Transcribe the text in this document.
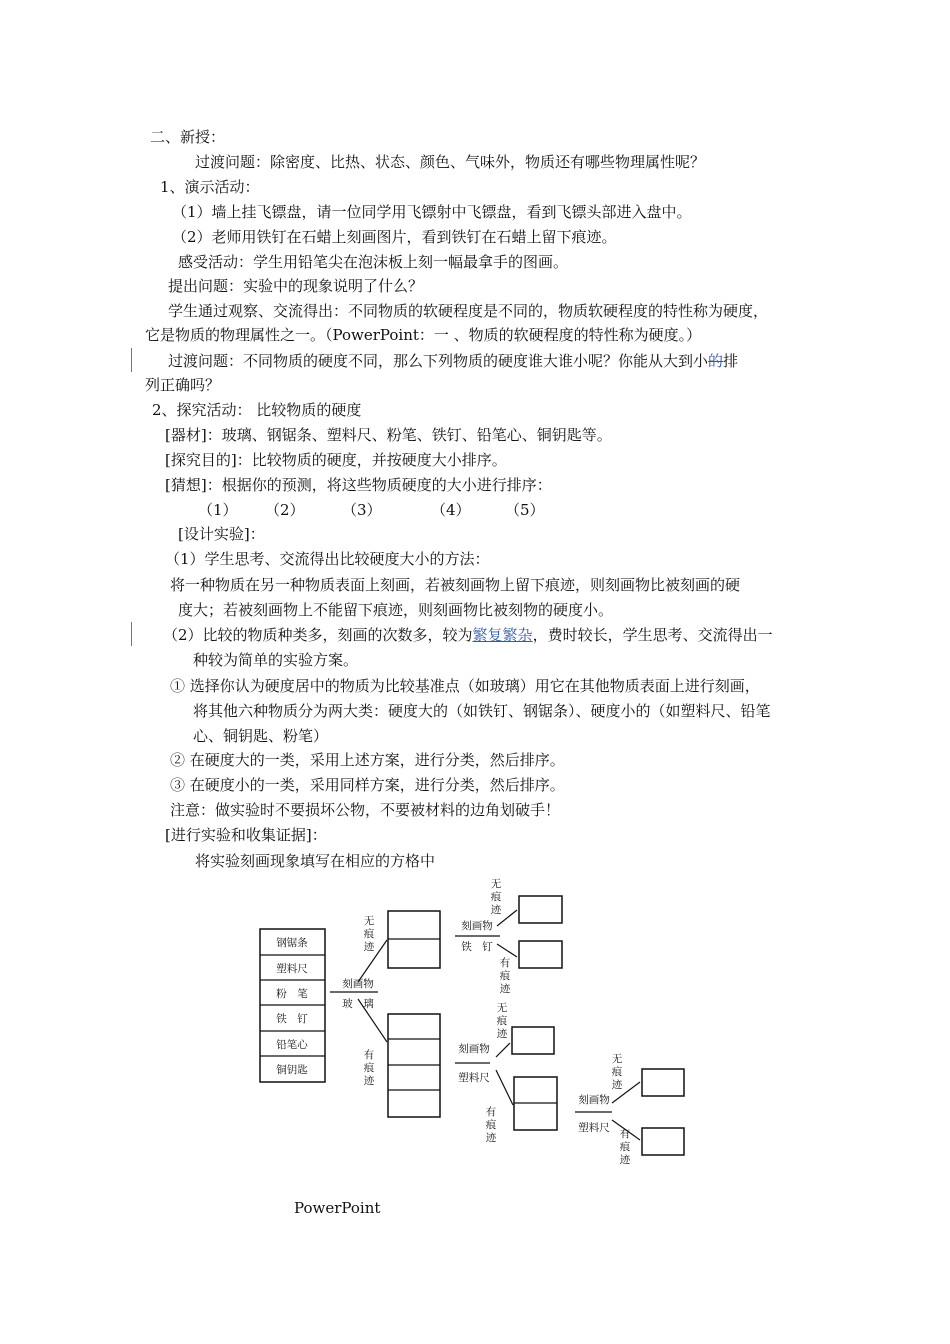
二、新授：
过渡问题：除密度、比热、状态、颜色、气味外，物质还有哪些物理属性呢？
1、演示活动：
（1）墙上挂飞镖盘，请一位同学用飞镖射中飞镖盘，看到飞镖头部进入盘中。
（2）老师用铁钉在石蜡上刻画图片，看到铁钉在石蜡上留下痕迹。
感受活动：学生用铅笔尖在泡沫板上刻一幅最拿手的图画。
提出问题：实验中的现象说明了什么？
学生通过观察、交流得出：不同物质的软硬程度是不同的，物质软硬程度的特性称为硬度，
它是物质的物理属性之一。（PowerPoint：一 、物质的软硬程度的特性称为硬度。）
过渡问题：不同物质的硬度不同，那么下列物质的硬度谁大谁小呢？你能从大到小的排
列正确吗？
2、探究活动： 比较物质的硬度
[器材]：玻璃、钢锯条、塑料尺、粉笔、铁钉、铅笔心、铜钥匙等。
[探究目的]：比较物质的硬度，并按硬度大小排序。
[猜想]：根据你的预测，将这些物质硬度的大小进行排序：
（1） （2） （3）	（4） （5）
[设计实验]：
（1）学生思考、交流得出比较硬度大小的方法：
将一种物质在另一种物质表面上刻画，若被刻画物上留下痕迹，则刻画物比被刻画的硬
度大；若被刻画物上不能留下痕迹，则刻画物比被刻物的硬度小。
（2）比较的物质种类多，刻画的次数多，较为繁复繁杂，费时较长，学生思考、交流得出一
种较为简单的实验方案。
① 选择你认为硬度居中的物质为比较基准点（如玻璃）用它在其他物质表面上进行刻画，
将其他六种物质分为两大类：硬度大的（如铁钉、钢锯条）、硬度小的（如塑料尺、铅笔
心、铜钥匙、粉笔）
② 在硬度大的一类，采用上述方案，进行分类，然后排序。
③ 在硬度小的一类，采用同样方案，进行分类，然后排序。
注意：做实验时不要损坏公物，不要被材料的边角划破手！
[进行实验和收集证据]：
将实验刻画现象填写在相应的方格中
钢锯条
塑料尺
粉　笔
铁　钉
铅笔心
铜钥匙
刻画物
玻　璃
无
痕
迹
有
痕
迹
刻画物
铁　钉
无
痕
迹
有
痕
迹
刻画物
塑料尺
无
痕
迹
有
痕
迹
刻画物
塑料尺
无
痕
迹
有
痕
迹
PowerPoint
